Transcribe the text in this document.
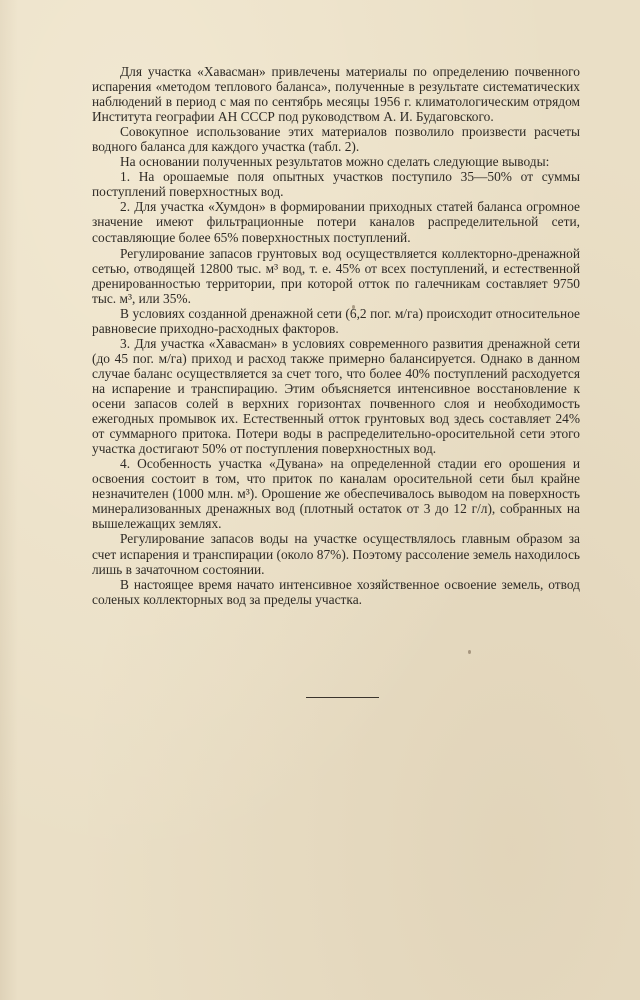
Для участка «Хавасман» привлечены материалы по определению почвенного испарения «методом теплового баланса», полученные в результате систематических наблюдений в период с мая по сентябрь месяцы 1956 г. климатологическим отрядом Института географии АН СССР под руководством А. И. Будаговского.

Совокупное использование этих материалов позволило произвести расчеты водного баланса для каждого участка (табл. 2).

На основании полученных результатов можно сделать следующие выводы:

1. На орошаемые поля опытных участков поступило 35—50% от суммы поступлений поверхностных вод.

2. Для участка «Хумдон» в формировании приходных статей баланса огромное значение имеют фильтрационные потери каналов распределительной сети, составляющие более 65% поверхностных поступлений.

Регулирование запасов грунтовых вод осуществляется коллекторно-дренажной сетью, отводящей 12800 тыс. м³ вод, т. е. 45% от всех поступлений, и естественной дренированностью территории, при которой отток по галечникам составляет 9750 тыс. м³, или 35%.

В условиях созданной дренажной сети (6,2 пог. м/га) происходит относительное равновесие приходно-расходных факторов.

3. Для участка «Хавасман» в условиях современного развития дренажной сети (до 45 пог. м/га) приход и расход также примерно балансируется. Однако в данном случае баланс осуществляется за счет того, что более 40% поступлений расходуется на испарение и транспирацию. Этим объясняется интенсивное восстановление к осени запасов солей в верхних горизонтах почвенного слоя и необходимость ежегодных промывок их. Естественный отток грунтовых вод здесь составляет 24% от суммарного притока. Потери воды в распределительно-оросительной сети этого участка достигают 50% от поступления поверхностных вод.

4. Особенность участка «Дувана» на определенной стадии его орошения и освоения состоит в том, что приток по каналам оросительной сети был крайне незначителен (1000 млн. м³). Орошение же обеспечивалось выводом на поверхность минерализованных дренажных вод (плотный остаток от 3 до 12 г/л), собранных на вышележащих землях.

Регулирование запасов воды на участке осуществлялось главным образом за счет испарения и транспирации (около 87%). Поэтому рассоление земель находилось лишь в зачаточном состоянии.

В настоящее время начато интенсивное хозяйственное освоение земель, отвод соленых коллекторных вод за пределы участка.
